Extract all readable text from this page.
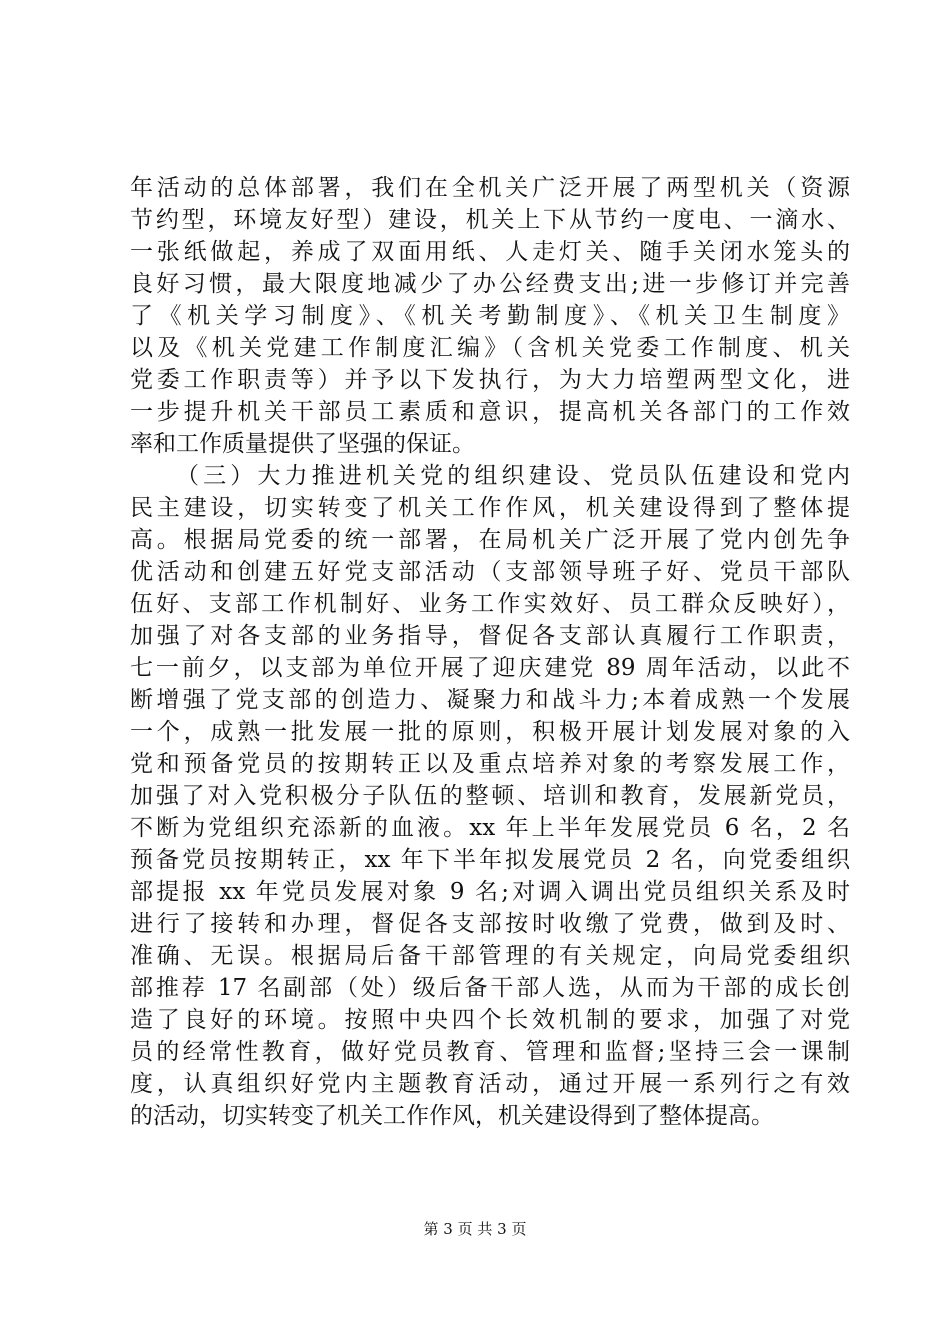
年活动的总体部署，我们在全机关广泛开展了两型机关（资源
节约型，环境友好型）建设，机关上下从节约一度电、一滴水、
一张纸做起，养成了双面用纸、人走灯关、随手关闭水笼头的
良好习惯，最大限度地减少了办公经费支出;进一步修订并完善
了《机关学习制度》、《机关考勤制度》、《机关卫生制度》
以及《机关党建工作制度汇编》（含机关党委工作制度、机关
党委工作职责等）并予以下发执行，为大力培塑两型文化，进
一步提升机关干部员工素质和意识，提高机关各部门的工作效
率和工作质量提供了坚强的保证。
（三）大力推进机关党的组织建设、党员队伍建设和党内
民主建设，切实转变了机关工作作风，机关建设得到了整体提
高。根据局党委的统一部署，在局机关广泛开展了党内创先争
优活动和创建五好党支部活动（支部领导班子好、党员干部队
伍好、支部工作机制好、业务工作实效好、员工群众反映好），
加强了对各支部的业务指导，督促各支部认真履行工作职责，
七一前夕，以支部为单位开展了迎庆建党 89 周年活动，以此不
断增强了党支部的创造力、凝聚力和战斗力;本着成熟一个发展
一个，成熟一批发展一批的原则，积极开展计划发展对象的入
党和预备党员的按期转正以及重点培养对象的考察发展工作，
加强了对入党积极分子队伍的整顿、培训和教育，发展新党员，
不断为党组织充添新的血液。xx 年上半年发展党员 6 名，2 名
预备党员按期转正，xx 年下半年拟发展党员 2 名，向党委组织
部提报 xx 年党员发展对象 9 名;对调入调出党员组织关系及时
进行了接转和办理，督促各支部按时收缴了党费，做到及时、
准确、无误。根据局后备干部管理的有关规定，向局党委组织
部推荐 17 名副部（处）级后备干部人选，从而为干部的成长创
造了良好的环境。按照中央四个长效机制的要求，加强了对党
员的经常性教育，做好党员教育、管理和监督;坚持三会一课制
度，认真组织好党内主题教育活动，通过开展一系列行之有效
的活动，切实转变了机关工作作风，机关建设得到了整体提高。
第 3 页 共 3 页
